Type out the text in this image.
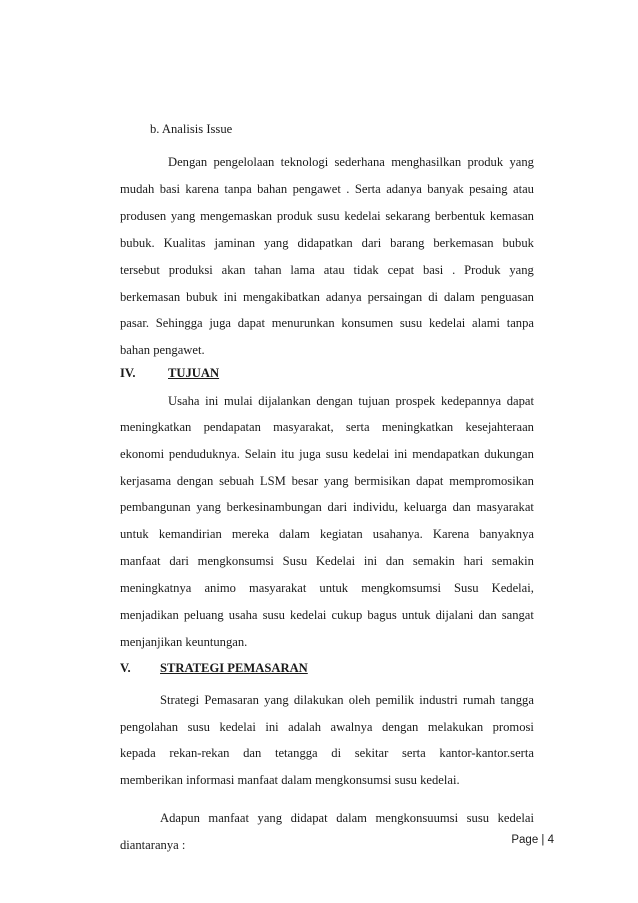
b. Analisis Issue
Dengan pengelolaan teknologi sederhana menghasilkan produk yang
mudah basi karena tanpa bahan pengawet . Serta adanya banyak pesaing atau
produsen yang mengemaskan produk susu kedelai sekarang berbentuk kemasan
bubuk. Kualitas jaminan yang didapatkan dari barang berkemasan bubuk
tersebut produksi akan tahan lama atau tidak cepat basi . Produk yang
berkemasan bubuk ini mengakibatkan adanya persaingan di dalam penguasan
pasar. Sehingga juga dapat menurunkan konsumen susu kedelai alami tanpa
bahan pengawet.
IV.	TUJUAN
Usaha ini mulai dijalankan dengan tujuan prospek kedepannya dapat
meningkatkan pendapatan masyarakat, serta meningkatkan kesejahteraan
ekonomi penduduknya. Selain itu juga susu kedelai ini mendapatkan dukungan
kerjasama dengan sebuah LSM besar yang bermisikan dapat mempromosikan
pembangunan yang berkesinambungan dari individu, keluarga dan masyarakat
untuk kemandirian mereka dalam kegiatan usahanya. Karena banyaknya
manfaat dari mengkonsumsi Susu Kedelai ini dan semakin hari semakin
meningkatnya animo masyarakat untuk mengkomsumsi Susu Kedelai,
menjadikan peluang usaha susu kedelai cukup bagus untuk dijalani dan sangat
menjanjikan keuntungan.
V. STRATEGI PEMASARAN
Strategi Pemasaran yang dilakukan oleh pemilik industri rumah tangga
pengolahan susu kedelai ini adalah awalnya dengan melakukan promosi
kepada rekan-rekan dan tetangga di sekitar serta kantor-kantor.serta
memberikan informasi manfaat dalam mengkonsumsi susu kedelai.
Adapun manfaat yang didapat dalam mengkonsuumsi susu kedelai
diantaranya :	Page | 4
